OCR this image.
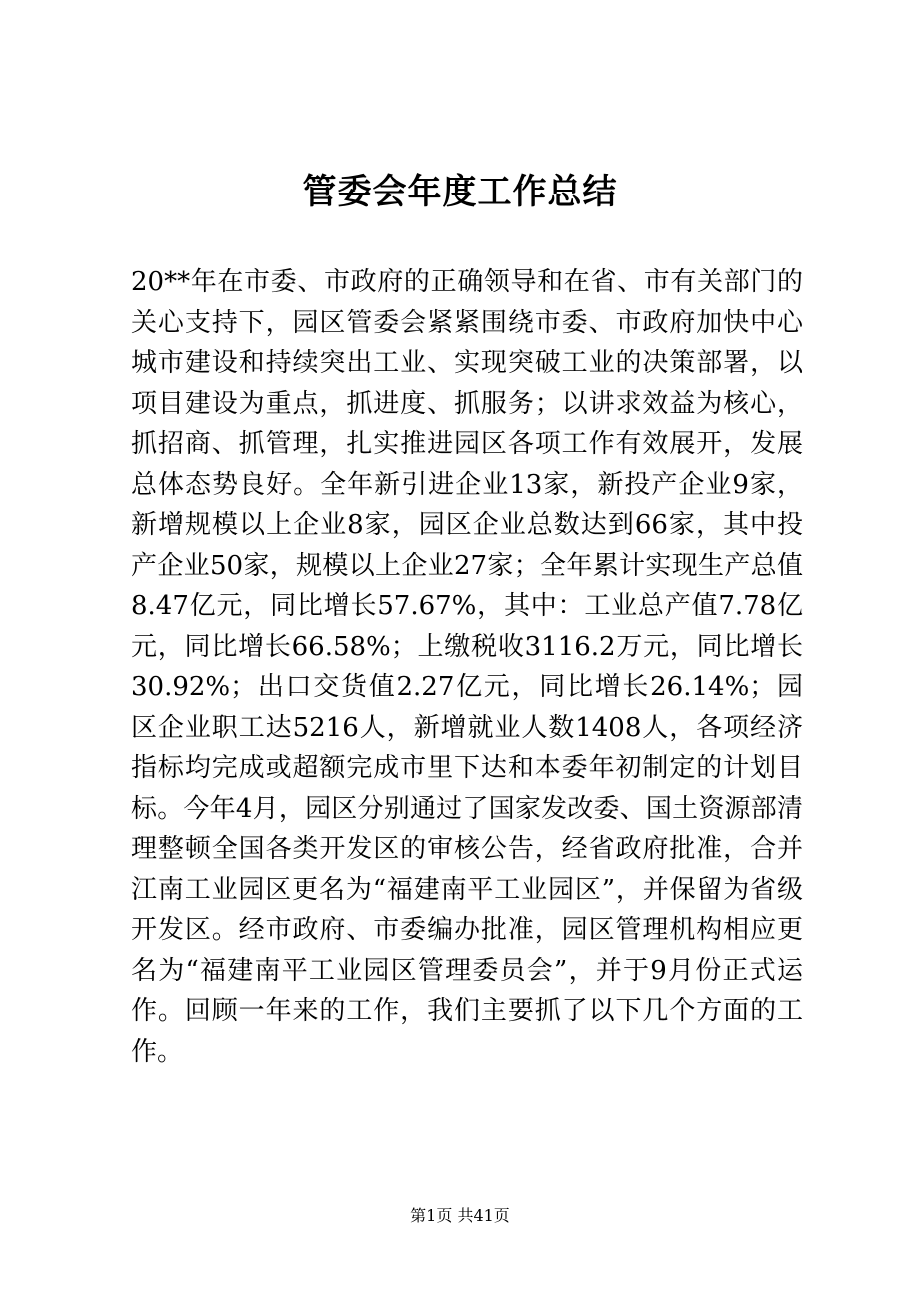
管委会年度工作总结

20**年在市委、市政府的正确领导和在省、市有关部门的关心支持下，园区管委会紧紧围绕市委、市政府加快中心城市建设和持续突出工业、实现突破工业的决策部署，以项目建设为重点，抓进度、抓服务；以讲求效益为核心，抓招商、抓管理，扎实推进园区各项工作有效展开，发展总体态势良好。全年新引进企业13家，新投产企业9家，新增规模以上企业8家，园区企业总数达到66家，其中投产企业50家，规模以上企业27家；全年累计实现生产总值8.47亿元，同比增长57.67%，其中：工业总产值7.78亿元，同比增长66.58%；上缴税收3116.2万元，同比增长30.92%；出口交货值2.27亿元，同比增长26.14%；园区企业职工达5216人，新增就业人数1408人，各项经济指标均完成或超额完成市里下达和本委年初制定的计划目标。今年4月，园区分别通过了国家发改委、国土资源部清理整顿全国各类开发区的审核公告，经省政府批准，合并江南工业园区更名为“福建南平工业园区”，并保留为省级开发区。经市政府、市委编办批准，园区管理机构相应更名为“福建南平工业园区管理委员会”，并于9月份正式运作。回顾一年来的工作，我们主要抓了以下几个方面的工作。

第1页 共41页
